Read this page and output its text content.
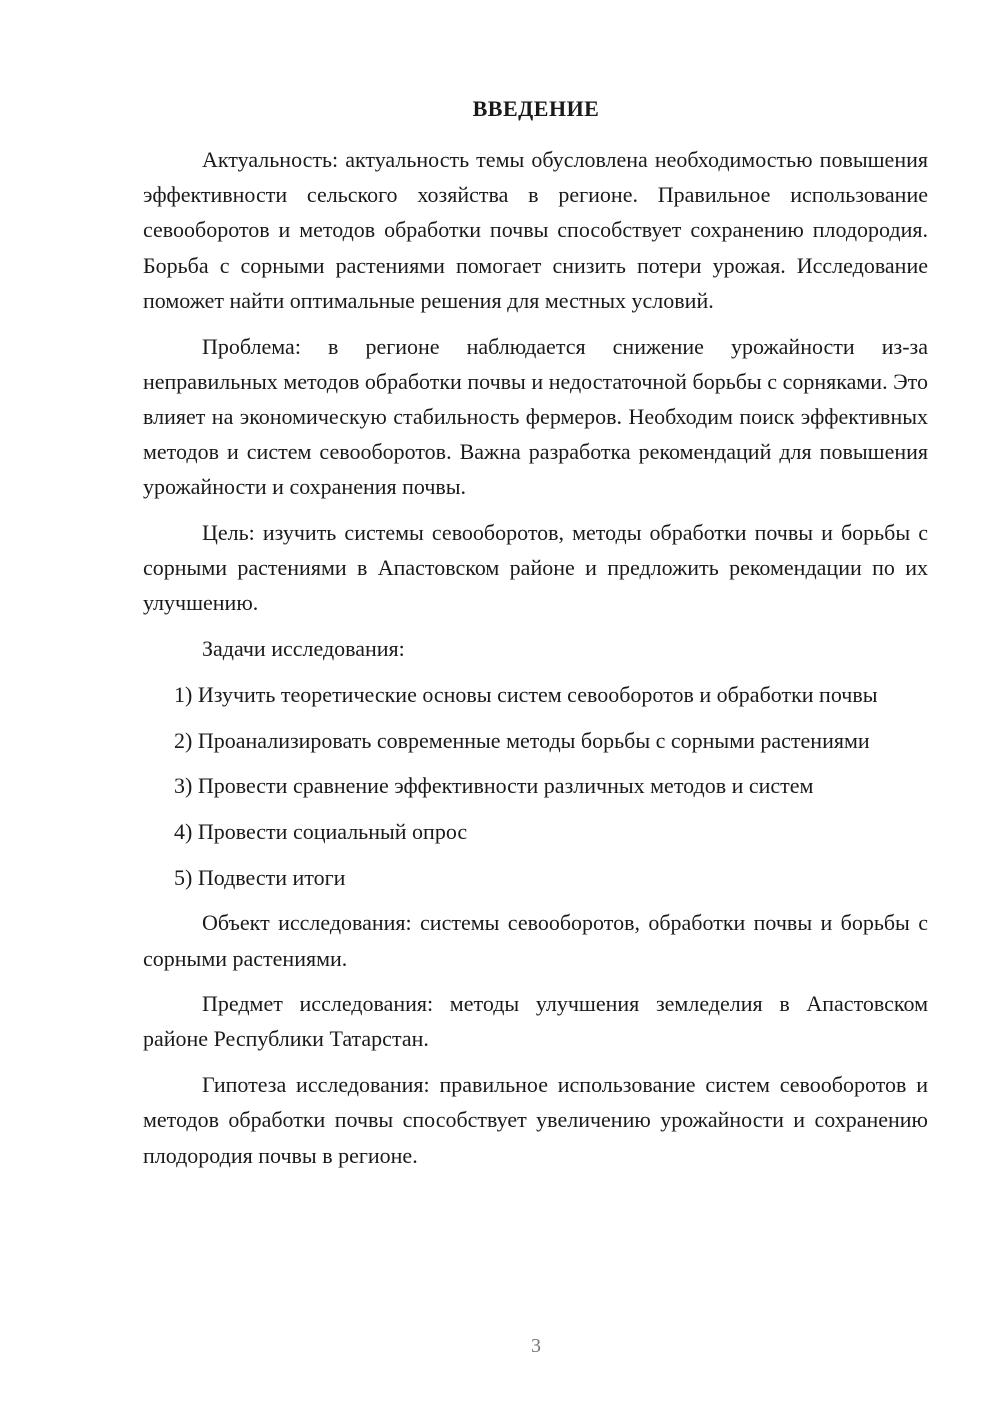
ВВЕДЕНИЕ

Актуальность: актуальность темы обусловлена необходимостью повышения эффективности сельского хозяйства в регионе. Правильное использование севооборотов и методов обработки почвы способствует сохранению плодородия. Борьба с сорными растениями помогает снизить потери урожая. Исследование поможет найти оптимальные решения для местных условий.

Проблема: в регионе наблюдается снижение урожайности из-за неправильных методов обработки почвы и недостаточной борьбы с сорняками. Это влияет на экономическую стабильность фермеров. Необходим поиск эффективных методов и систем севооборотов. Важна разработка рекомендаций для повышения урожайности и сохранения почвы.

Цель: изучить системы севооборотов, методы обработки почвы и борьбы с сорными растениями в Апастовском районе и предложить рекомендации по их улучшению.

Задачи исследования:

1) Изучить теоретические основы систем севооборотов и обработки почвы

2) Проанализировать современные методы борьбы с сорными растениями

3) Провести сравнение эффективности различных методов и систем

4) Провести социальный опрос

5) Подвести итоги

Объект исследования: системы севооборотов, обработки почвы и борьбы с сорными растениями.

Предмет исследования: методы улучшения земледелия в Апастовском районе Республики Татарстан.

Гипотеза исследования: правильное использование систем севооборотов и методов обработки почвы способствует увеличению урожайности и сохранению плодородия почвы в регионе.

3
